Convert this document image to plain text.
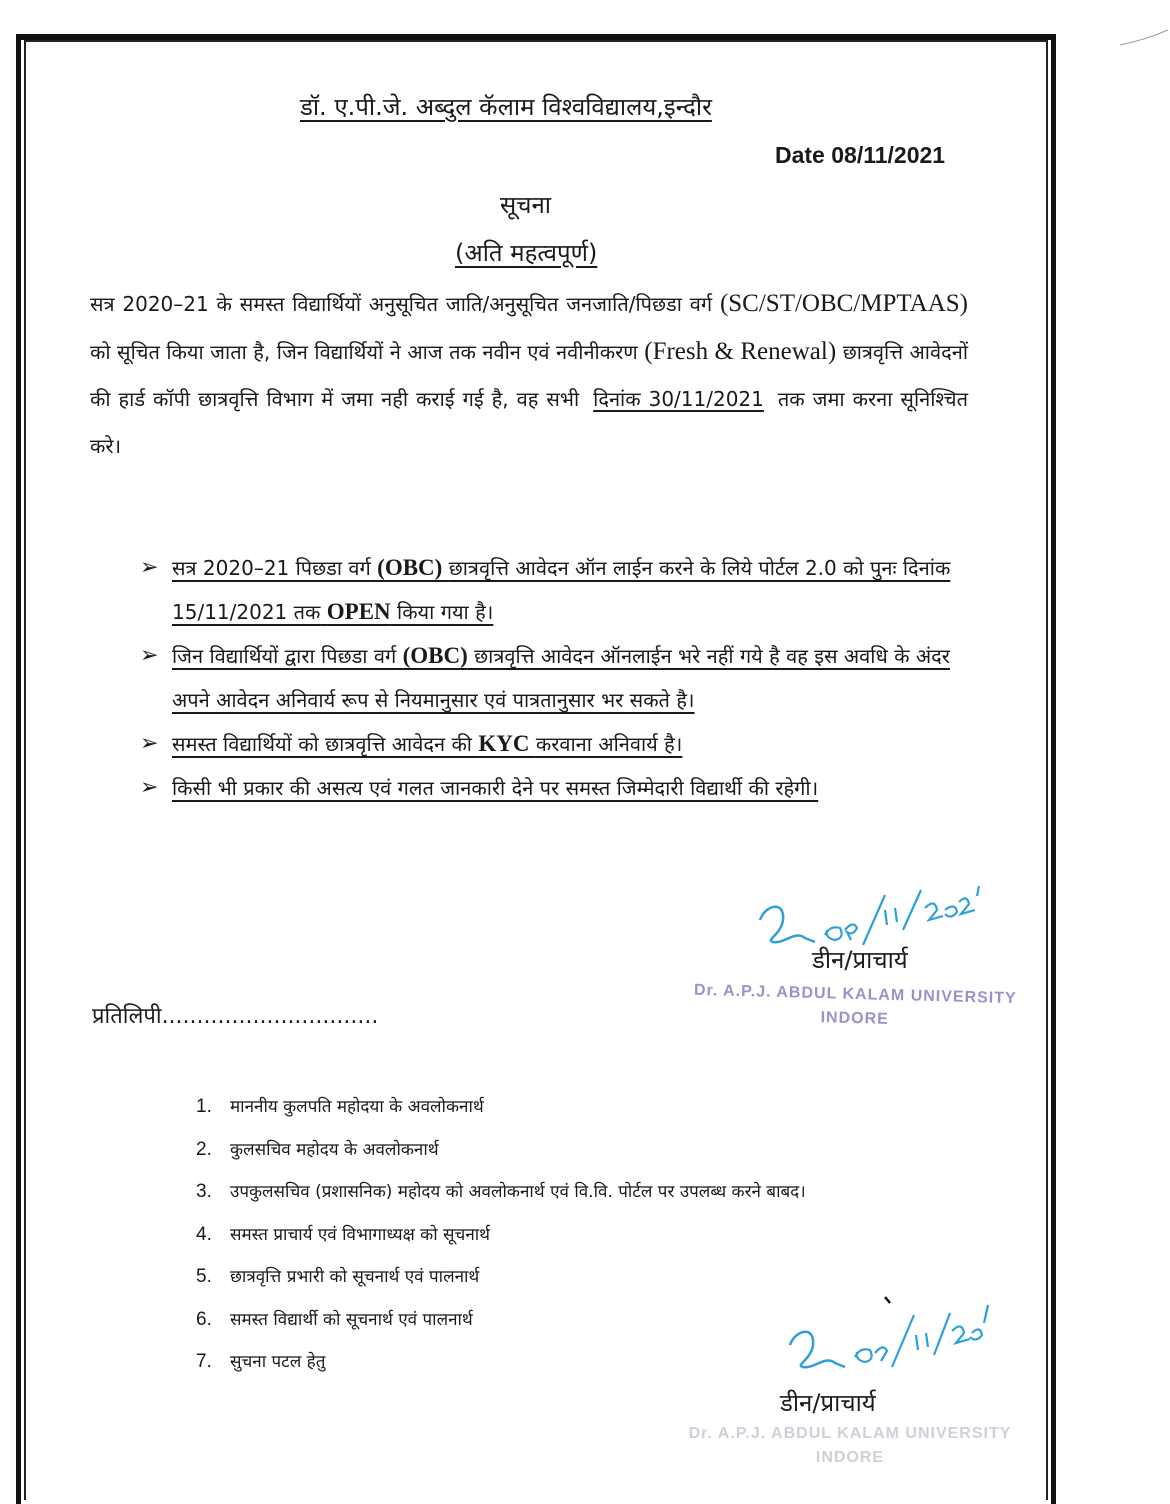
डॉ. ए.पी.जे. अब्दुल कॅलाम विश्वविद्यालय,इन्दौर
Date 08/11/2021
सूचना
(अति महत्वपूर्ण)
सत्र 2020–21 के समस्त विद्यार्थियों अनुसूचित जाति/अनुसूचित जनजाति/पिछडा वर्ग (SC/ST/OBC/MPTAAS) को सूचित किया जाता है, जिन विद्यार्थियों ने आज तक नवीन एवं नवीनीकरण (Fresh & Renewal) छात्रवृत्ति आवेदनों की हार्ड कॉपी छात्रवृत्ति विभाग में जमा नही कराई गई है, वह सभी दिनांक 30/11/2021 तक जमा करना सूनिश्चित करे।
➢ सत्र 2020–21 पिछडा वर्ग (OBC) छात्रवृत्ति आवेदन ऑन लाईन करने के लिये पोर्टल 2.0 को पुनः दिनांक 15/11/2021 तक OPEN किया गया है।
➢ जिन विद्यार्थियों द्वारा पिछडा वर्ग (OBC) छात्रवृत्ति आवेदन ऑनलाईन भरे नहीं गये है वह इस अवधि के अंदर अपने आवेदन अनिवार्य रूप से नियमानुसार एवं पात्रतानुसार भर सकते है।
➢ समस्त विद्यार्थियों को छात्रवृत्ति आवेदन की KYC करवाना अनिवार्य है।
➢ किसी भी प्रकार की असत्य एवं गलत जानकारी देने पर समस्त जिम्मेदारी विद्यार्थी की रहेगी।
डीन/प्राचार्य
Dr. A.P.J. ABDUL KALAM UNIVERSITY
INDORE
प्रतिलिपी...............................
1. माननीय कुलपति महोदया के अवलोकनार्थ
2. कुलसचिव महोदय के अवलोकनार्थ
3. उपकुलसचिव (प्रशासनिक) महोदय को अवलोकनार्थ एवं वि.वि. पोर्टल पर उपलब्ध करने बाबद।
4. समस्त प्राचार्य एवं विभागाध्यक्ष को सूचनार्थ
5. छात्रवृत्ति प्रभारी को सूचनार्थ एवं पालनार्थ
6. समस्त विद्यार्थी को सूचनार्थ एवं पालनार्थ
7. सुचना पटल हेतु
डीन/प्राचार्य
Dr. A.P.J. ABDUL KALAM UNIVERSITY
INDORE
